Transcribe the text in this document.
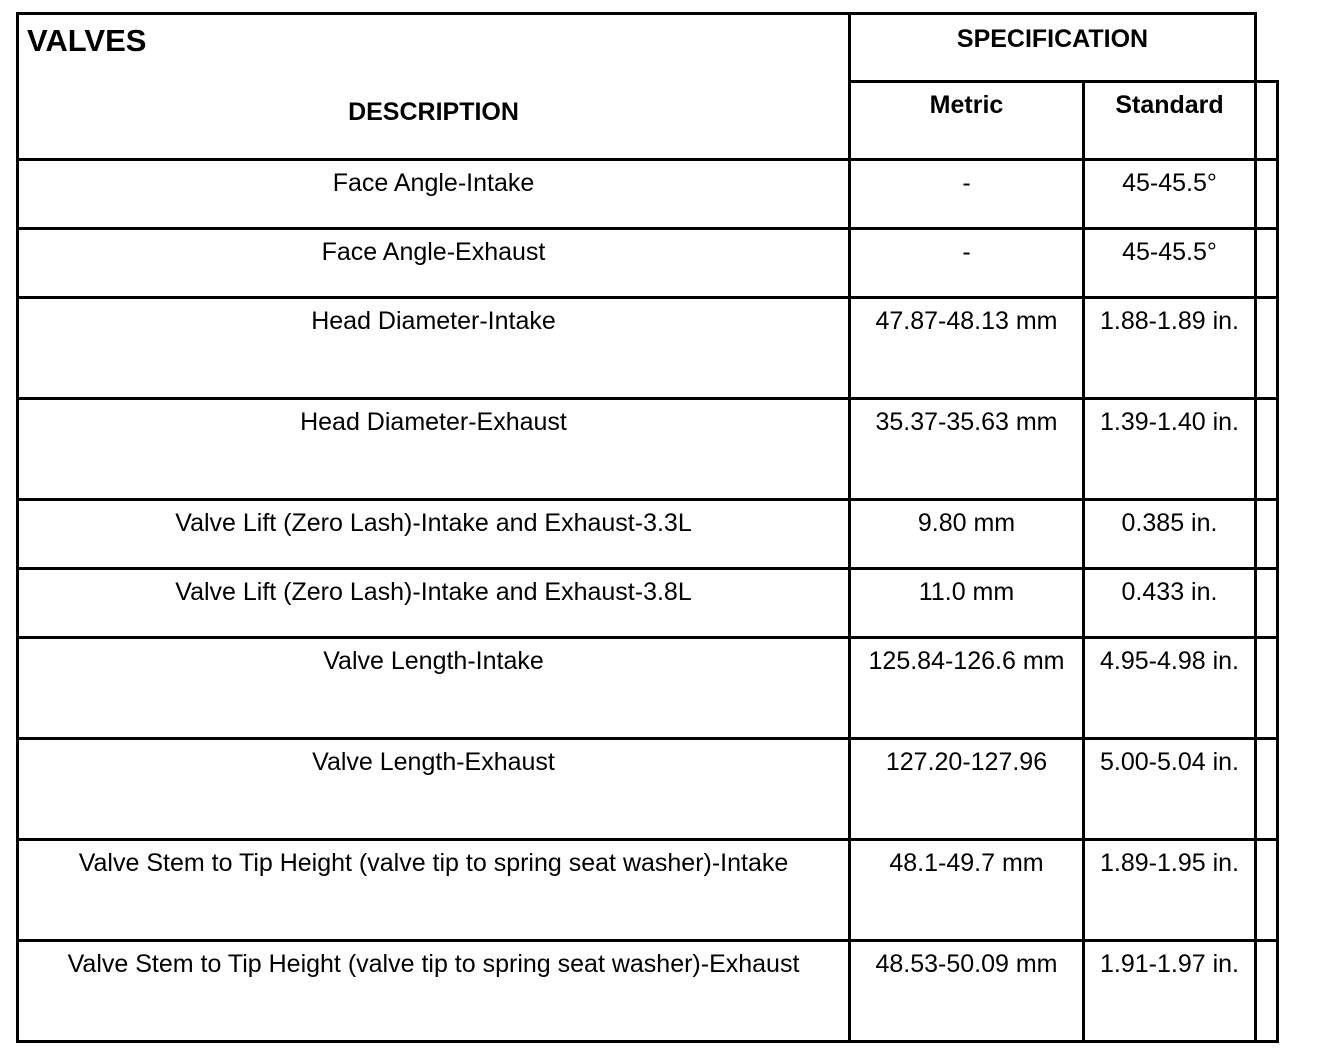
VALVES	SPECIFICATION		
DESCRIPTION	Metric	Standard	

Face Angle-Intake	-	45-45.5°	

Face Angle-Exhaust	-	45-45.5°	

Head Diameter-Intake	47.87-48.13 mm	1.88-1.89 in.	

Head Diameter-Exhaust	35.37-35.63 mm	1.39-1.40 in.	

Valve Lift (Zero Lash)-Intake and Exhaust-3.3L	9.80 mm	0.385 in.	

Valve Lift (Zero Lash)-Intake and Exhaust-3.8L	11.0 mm	0.433 in.	

Valve Length-Intake	125.84-126.6 mm	4.95-4.98 in.	

Valve Length-Exhaust	127.20-127.96	5.00-5.04 in.	

Valve Stem to Tip Height (valve tip to spring seat washer)-Intake	48.1-49.7 mm	1.89-1.95 in.	

Valve Stem to Tip Height (valve tip to spring seat washer)-Exhaust	48.53-50.09 mm	1.91-1.97 in.	
